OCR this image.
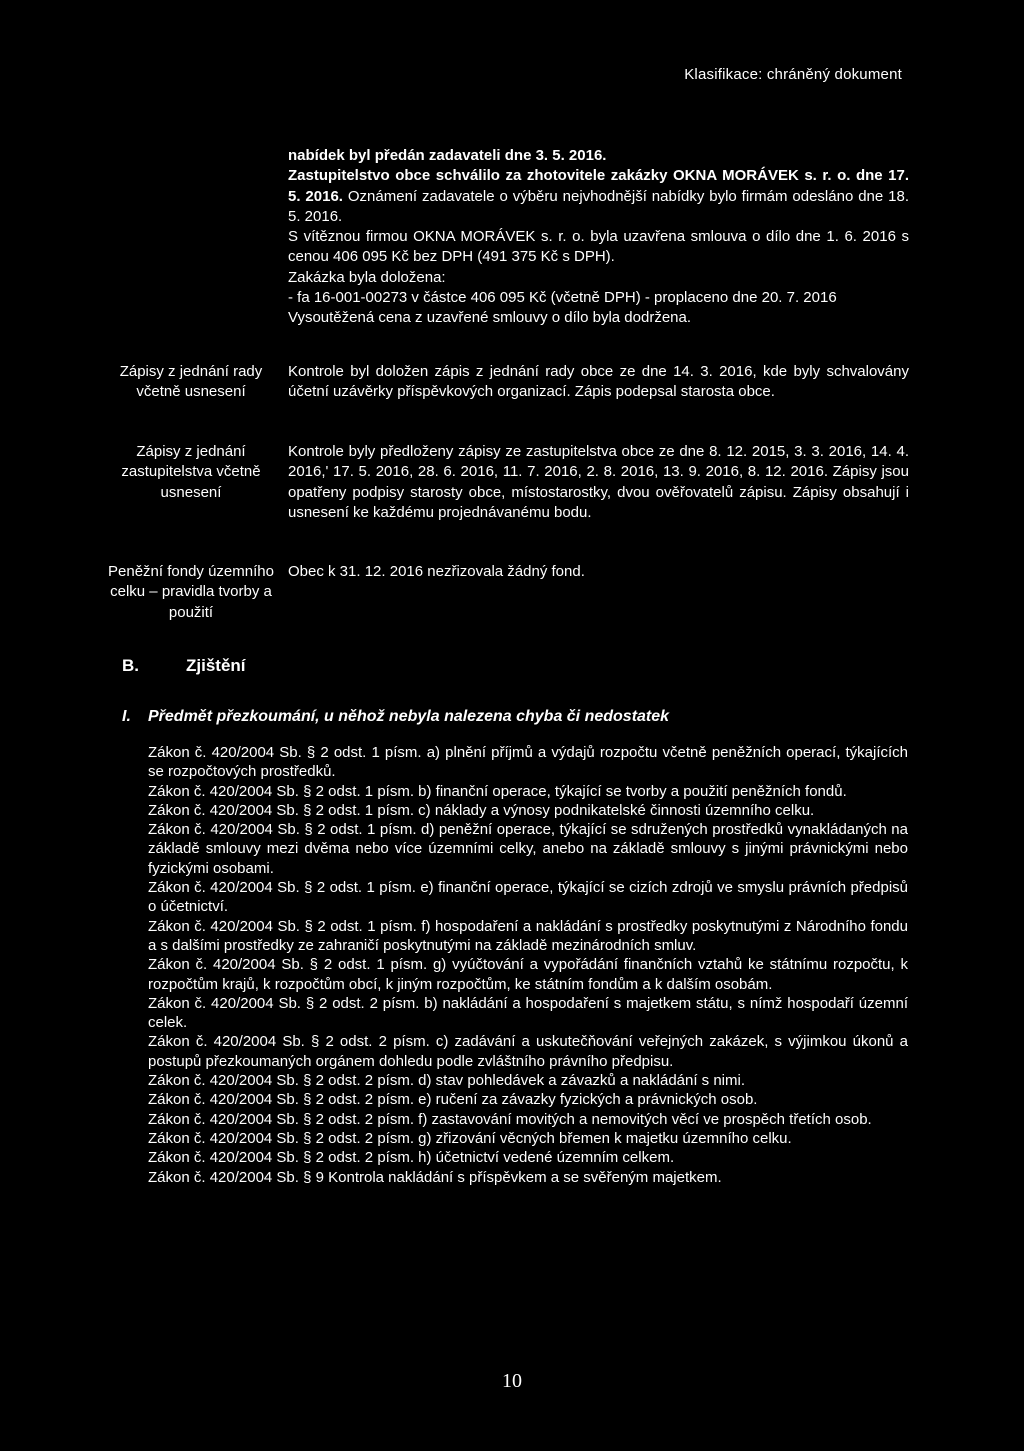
Klasifikace: chráněný dokument
nabídek byl předán zadavateli dne 3. 5. 2016.
Zastupitelstvo obce schválilo za zhotovitele zakázky OKNA MORÁVEK s. r. o. dne 17. 5. 2016. Oznámení zadavatele o výběru nejvhodnější nabídky bylo firmám odesláno dne 18. 5. 2016.
S vítěznou firmou OKNA MORÁVEK s. r. o. byla uzavřena smlouva o dílo dne 1. 6. 2016 s cenou 406 095 Kč bez DPH (491 375 Kč s DPH).
Zakázka byla doložena:
- fa 16-001-00273 v částce 406 095 Kč (včetně DPH) - proplaceno dne 20. 7. 2016
Vysoutěžená cena z uzavřené smlouvy o dílo byla dodržena.
Zápisy z jednání rady včetně usnesení
Kontrole byl doložen zápis z jednání rady obce ze dne 14. 3. 2016, kde byly schvalovány účetní uzávěrky příspěvkových organizací. Zápis podepsal starosta obce.
Zápisy z jednání zastupitelstva včetně usnesení
Kontrole byly předloženy zápisy ze zastupitelstva obce ze dne 8. 12. 2015, 3. 3. 2016, 14. 4. 2016,' 17. 5. 2016, 28. 6. 2016, 11. 7. 2016, 2. 8. 2016, 13. 9. 2016, 8. 12. 2016. Zápisy jsou opatřeny podpisy starosty obce, místostarostky, dvou ověřovatelů zápisu. Zápisy obsahují i usnesení ke každému projednávanému bodu.
Peněžní fondy územního celku – pravidla tvorby a použití
Obec k 31. 12. 2016 nezřizovala žádný fond.
B.	Zjištění
I. Předmět přezkoumání, u něhož nebyla nalezena chyba či nedostatek
Zákon č. 420/2004 Sb. § 2 odst. 1 písm. a) plnění příjmů a výdajů rozpočtu včetně peněžních operací, týkajících se rozpočtových prostředků.
Zákon č. 420/2004 Sb. § 2 odst. 1 písm. b) finanční operace, týkající se tvorby a použití peněžních fondů.
Zákon č. 420/2004 Sb. § 2 odst. 1 písm. c) náklady a výnosy podnikatelské činnosti územního celku.
Zákon č. 420/2004 Sb. § 2 odst. 1 písm. d) peněžní operace, týkající se sdružených prostředků vynakládaných na základě smlouvy mezi dvěma nebo více územními celky, anebo na základě smlouvy s jinými právnickými nebo fyzickými osobami.
Zákon č. 420/2004 Sb. § 2 odst. 1 písm. e) finanční operace, týkající se cizích zdrojů ve smyslu právních předpisů o účetnictví.
Zákon č. 420/2004 Sb. § 2 odst. 1 písm. f) hospodaření a nakládání s prostředky poskytnutými z Národního fondu a s dalšími prostředky ze zahraničí poskytnutými na základě mezinárodních smluv.
Zákon č. 420/2004 Sb. § 2 odst. 1 písm. g) vyúčtování a vypořádání finančních vztahů ke státnímu rozpočtu, k rozpočtům krajů, k rozpočtům obcí, k jiným rozpočtům, ke státním fondům a k dalším osobám.
Zákon č. 420/2004 Sb. § 2 odst. 2 písm. b) nakládání a hospodaření s majetkem státu, s nímž hospodaří územní celek.
Zákon č. 420/2004 Sb. § 2 odst. 2 písm. c) zadávání a uskutečňování veřejných zakázek, s výjimkou úkonů a postupů přezkoumaných orgánem dohledu podle zvláštního právního předpisu.
Zákon č. 420/2004 Sb. § 2 odst. 2 písm. d) stav pohledávek a závazků a nakládání s nimi.
Zákon č. 420/2004 Sb. § 2 odst. 2 písm. e) ručení za závazky fyzických a právnických osob.
Zákon č. 420/2004 Sb. § 2 odst. 2 písm. f) zastavování movitých a nemovitých věcí ve prospěch třetích osob.
Zákon č. 420/2004 Sb. § 2 odst. 2 písm. g) zřizování věcných břemen k majetku územního celku.
Zákon č. 420/2004 Sb. § 2 odst. 2 písm. h) účetnictví vedené územním celkem.
Zákon č. 420/2004 Sb. § 9 Kontrola nakládání s příspěvkem a se svěřeným majetkem.
10
